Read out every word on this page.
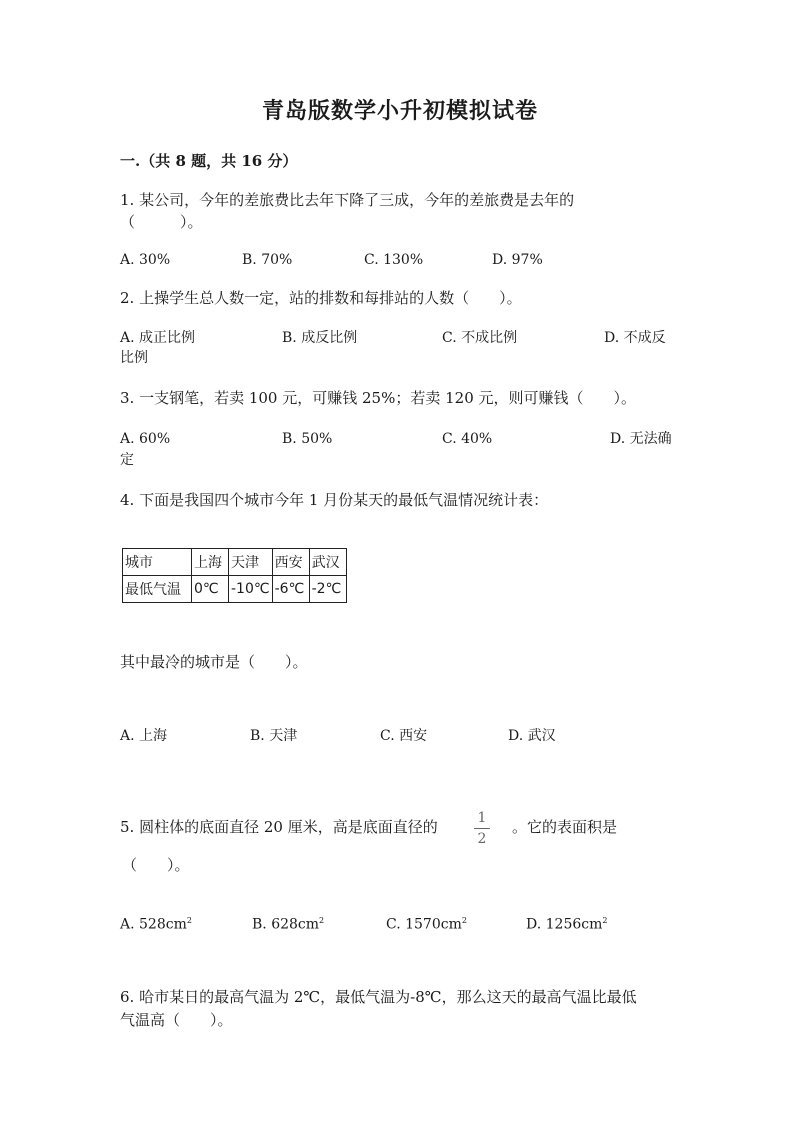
青岛版数学小升初模拟试卷
一.（共 8 题，共 16 分）
1. 某公司，今年的差旅费比去年下降了三成，今年的差旅费是去年的
（　　　）。
A. 30%	B. 70%	C. 130%	D. 97%
2. 上操学生总人数一定，站的排数和每排站的人数（　　）。
A. 成正比例	B. 成反比例	C. 不成比例	D. 不成反
比例
3. 一支钢笔，若卖 100 元，可赚钱 25%；若卖 120 元，则可赚钱（　　）。
A. 60%	B. 50%	C. 40%	D. 无法确
定
4. 下面是我国四个城市今年 1 月份某天的最低气温情况统计表：
城市	上海	天津	西安	武汉
最低气温	0℃	-10℃	-6℃	-2℃
其中最冷的城市是（　　）。
A. 上海	B. 天津	C. 西安	D. 武汉
5. 圆柱体的底面直径 20 厘米，高是底面直径的	1
2
。它的表面积是
（　　）。
A. $528cm^2$	B. $628cm^2$	C. $1570cm^2$	D. $1256cm^2$
6. 哈市某日的最高气温为 2℃，最低气温为-8℃，那么这天的最高气温比最低
气温高（　　）。
